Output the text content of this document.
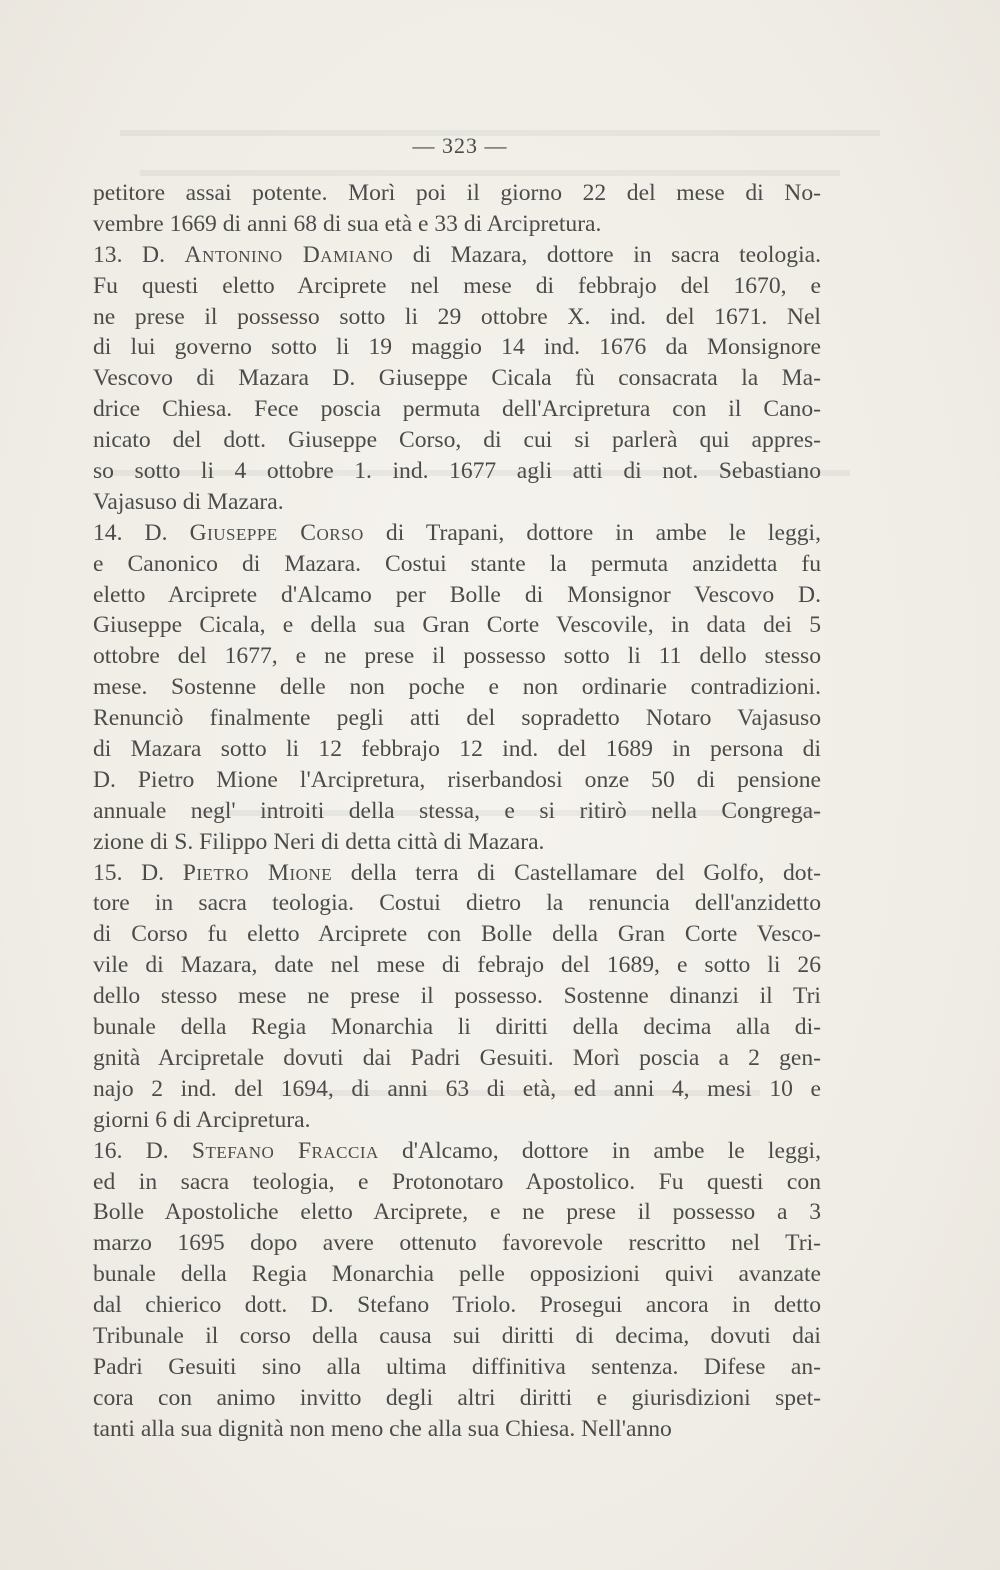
— 323 —
petitore assai potente. Morì poi il giorno 22 del mese di No-
vembre 1669 di anni 68 di sua età e 33 di Arcipretura.
13. D. Antonino Damiano di Mazara, dottore in sacra teologia.
Fu questi eletto Arciprete nel mese di febbrajo del 1670, e
ne prese il possesso sotto li 29 ottobre X. ind. del 1671. Nel
di lui governo sotto li 19 maggio 14 ind. 1676 da Monsignore
Vescovo di Mazara D. Giuseppe Cicala fù consacrata la Ma-
drice Chiesa. Fece poscia permuta dell'Arcipretura con il Cano-
nicato del dott. Giuseppe Corso, di cui si parlerà qui appres-
so sotto li 4 ottobre 1. ind. 1677 agli atti di not. Sebastiano
Vajasuso di Mazara.
14. D. Giuseppe Corso di Trapani, dottore in ambe le leggi,
e Canonico di Mazara. Costui stante la permuta anzidetta fu
eletto Arciprete d'Alcamo per Bolle di Monsignor Vescovo D.
Giuseppe Cicala, e della sua Gran Corte Vescovile, in data dei 5
ottobre del 1677, e ne prese il possesso sotto li 11 dello stesso
mese. Sostenne delle non poche e non ordinarie contradizioni.
Renunciò finalmente pegli atti del sopradetto Notaro Vajasuso
di Mazara sotto li 12 febbrajo 12 ind. del 1689 in persona di
D. Pietro Mione l'Arcipretura, riserbandosi onze 50 di pensione
annuale negl' introiti della stessa, e si ritirò nella Congrega-
zione di S. Filippo Neri di detta città di Mazara.
15. D. Pietro Mione della terra di Castellamare del Golfo, dot-
tore in sacra teologia. Costui dietro la renuncia dell'anzidetto
di Corso fu eletto Arciprete con Bolle della Gran Corte Vesco-
vile di Mazara, date nel mese di febrajo del 1689, e sotto li 26
dello stesso mese ne prese il possesso. Sostenne dinanzi il Tri
bunale della Regia Monarchia li diritti della decima alla di-
gnità Arcipretale dovuti dai Padri Gesuiti. Morì poscia a 2 gen-
najo 2 ind. del 1694, di anni 63 di età, ed anni 4, mesi 10 e
giorni 6 di Arcipretura.
16. D. Stefano Fraccia d'Alcamo, dottore in ambe le leggi,
ed in sacra teologia, e Protonotaro Apostolico. Fu questi con
Bolle Apostoliche eletto Arciprete, e ne prese il possesso a 3
marzo 1695 dopo avere ottenuto favorevole rescritto nel Tri-
bunale della Regia Monarchia pelle opposizioni quivi avanzate
dal chierico dott. D. Stefano Triolo. Prosegui ancora in detto
Tribunale il corso della causa sui diritti di decima, dovuti dai
Padri Gesuiti sino alla ultima diffinitiva sentenza. Difese an-
cora con animo invitto degli altri diritti e giurisdizioni spet-
tanti alla sua dignità non meno che alla sua Chiesa. Nell'anno
